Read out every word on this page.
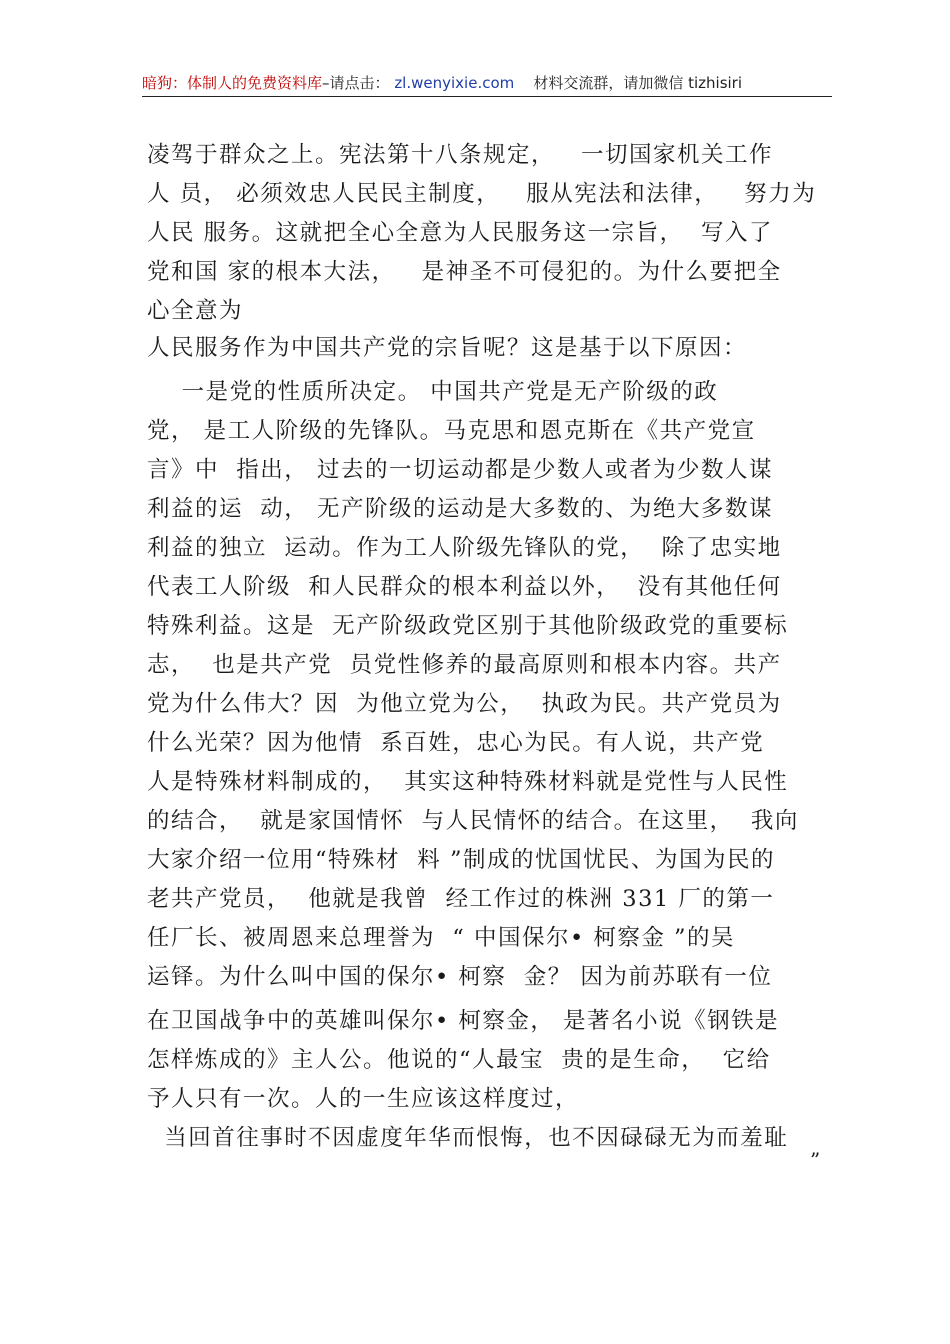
暗狗：体制人的免费资料库–请点击： zl.wenyixie.com 材料交流群，请加微信 tizhisiri
凌驾于群众之上。宪法第十八条规定，   一切国家机关工作
人 员， 必须效忠人民民主制度，   服从宪法和法律，   努力为
人民 服务。这就把全心全意为人民服务这一宗旨，  写入了
党和国 家的根本大法，   是神圣不可侵犯的。为什么要把全
心全意为
人民服务作为中国共产党的宗旨呢？这是基于以下原因：
一是党的性质所决定。 中国共产党是无产阶级的政
党， 是工人阶级的先锋队。马克思和恩克斯在《共产党宣
言》中  指出， 过去的一切运动都是少数人或者为少数人谋
利益的运  动， 无产阶级的运动是大多数的、为绝大多数谋
利益的独立  运动。作为工人阶级先锋队的党，  除了忠实地
代表工人阶级  和人民群众的根本利益以外，  没有其他任何
特殊利益。这是  无产阶级政党区别于其他阶级政党的重要标
志，  也是共产党  员党性修养的最高原则和根本内容。共产
党为什么伟大？因  为他立党为公，  执政为民。共产党员为
什么光荣？因为他情  系百姓，忠心为民。有人说，共产党
人是特殊材料制成的，  其实这种特殊材料就是党性与人民性
的结合，  就是家国情怀  与人民情怀的结合。在这里，  我向
大家介绍一位用“特殊材  料 ”制成的忧国忧民、为国为民的
老共产党员，  他就是我曾  经工作过的株洲 331 厂的第一
任厂长、被周恩来总理誉为  “ 中国保尔• 柯察金 ”的吴
运铎。为什么叫中国的保尔• 柯察  金？ 因为前苏联有一位
在卫国战争中的英雄叫保尔• 柯察金， 是著名小说《钢铁是
怎样炼成的》主人公。他说的“人最宝  贵的是生命，  它给
予人只有一次。人的一生应该这样度过，
当回首往事时不因虚度年华而恨悔，也不因碌碌无为而羞耻
”
